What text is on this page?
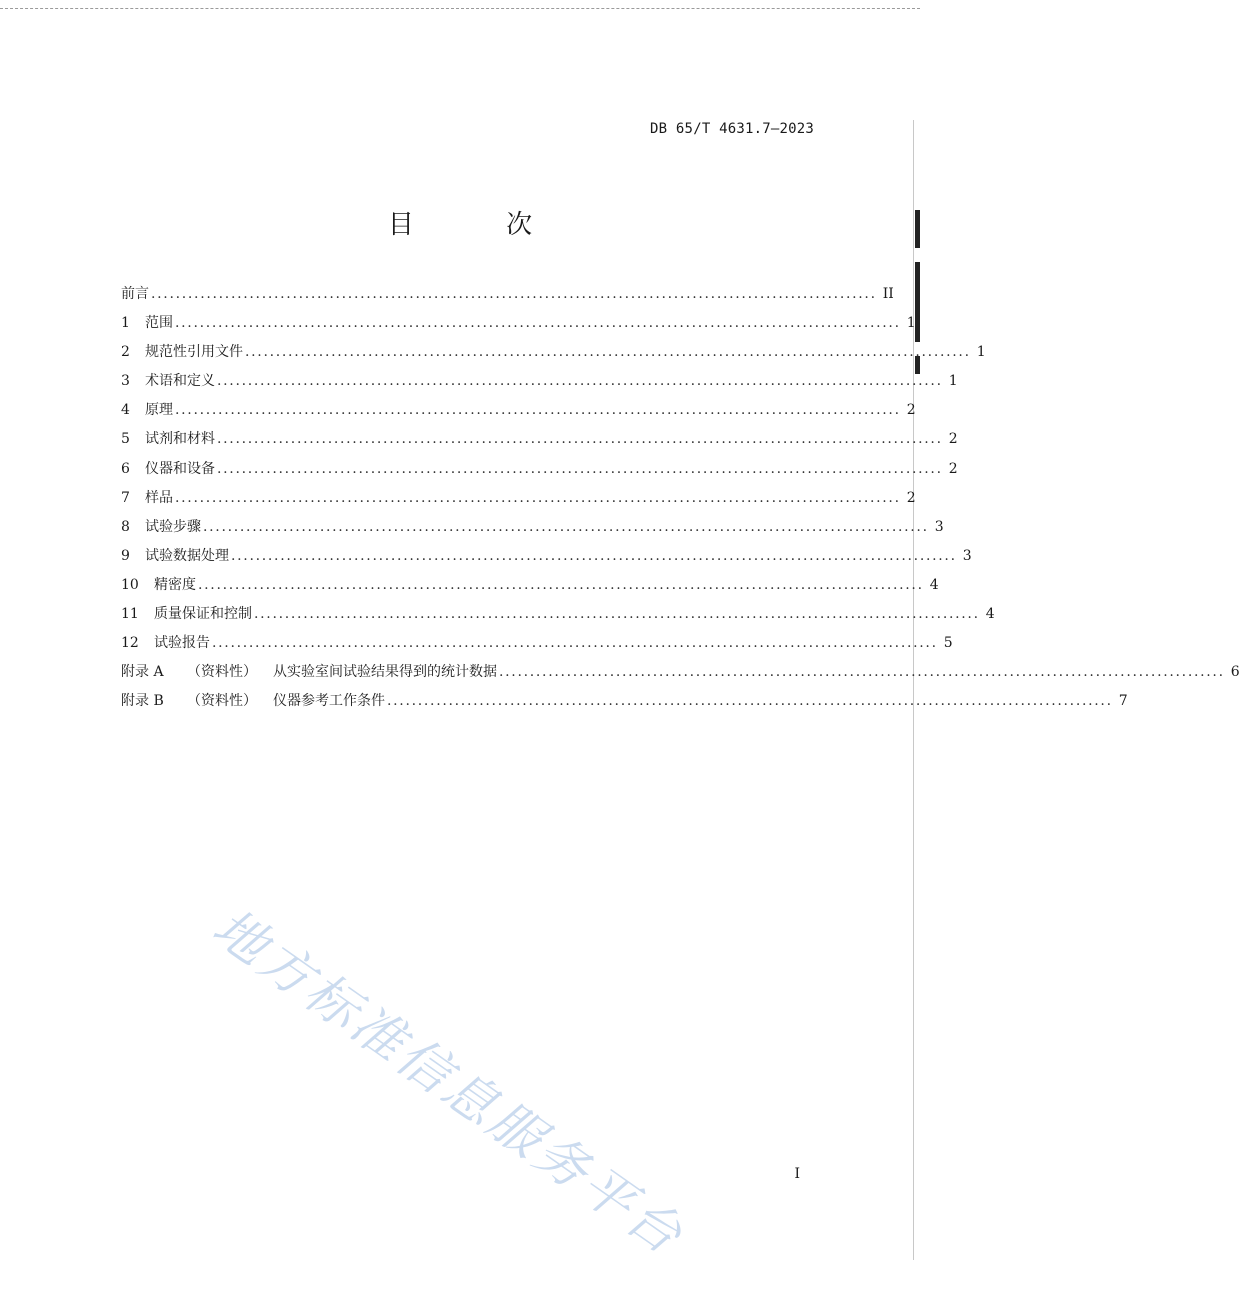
DB 65/T 4631.7—2023
目 次
前言 ...................................................................................................................... II
1	范围 ...................................................................................................................... 1
2	规范性引用文件 ...................................................................................................................... 1
3	术语和定义 ...................................................................................................................... 1
4	原理 ...................................................................................................................... 2
5	试剂和材料 ...................................................................................................................... 2
6	仪器和设备 ...................................................................................................................... 2
7	样品 ...................................................................................................................... 2
8	试验步骤 ...................................................................................................................... 3
9	试验数据处理 ...................................................................................................................... 3
10	精密度 ...................................................................................................................... 4
11	质量保证和控制 ...................................................................................................................... 4
12	试验报告 ...................................................................................................................... 5
附录 A	（资料性）	从实验室间试验结果得到的统计数据 ...................................................................................................................... 6
附录 B	（资料性）	仪器参考工作条件 ...................................................................................................................... 7
地方标准信息服务平台	I
